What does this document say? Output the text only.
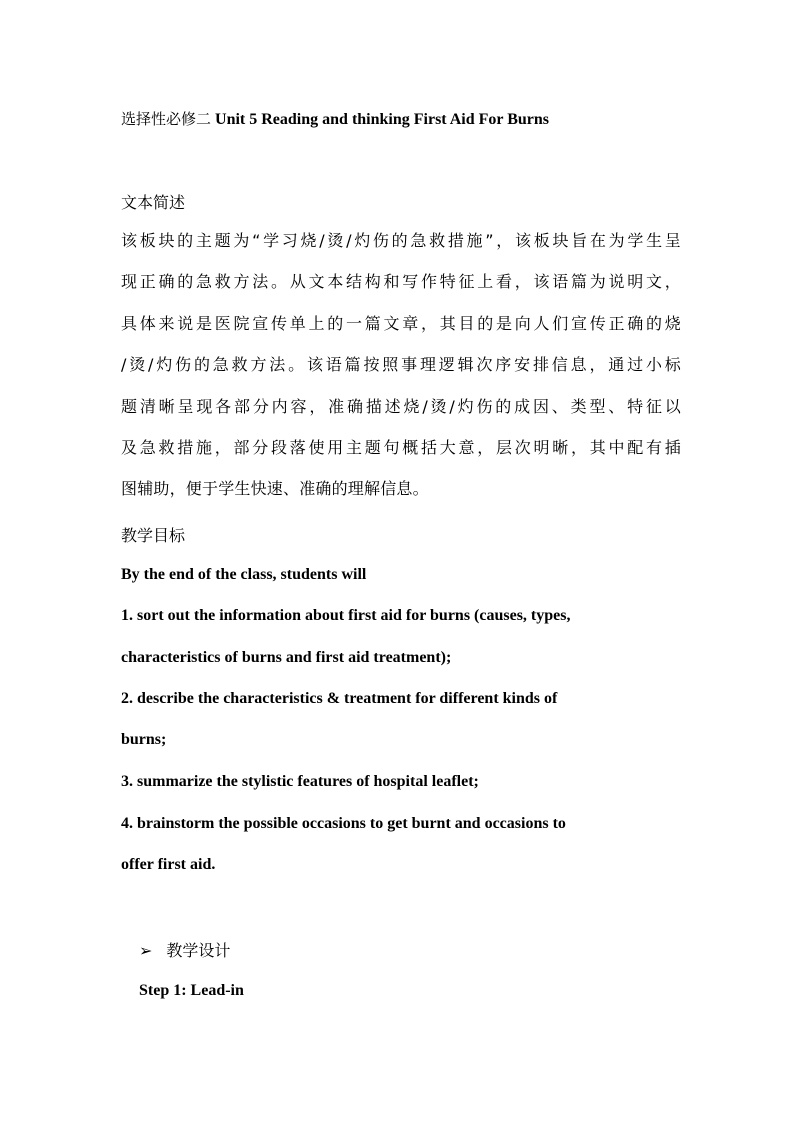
选择性必修二 Unit 5 Reading and thinking First Aid For Burns
文本简述
该板块的主题为“学习烧/烫/灼伤的急救措施”，该板块旨在为学生呈
现正确的急救方法。从文本结构和写作特征上看，该语篇为说明文，
具体来说是医院宣传单上的一篇文章，其目的是向人们宣传正确的烧
/烫/灼伤的急救方法。该语篇按照事理逻辑次序安排信息，通过小标
题清晰呈现各部分内容，准确描述烧/烫/灼伤的成因、类型、特征以
及急救措施，部分段落使用主题句概括大意，层次明晰，其中配有插
图辅助，便于学生快速、准确的理解信息。
教学目标
By the end of the class, students will
1. sort out the information about first aid for burns (causes, types,
characteristics of burns and first aid treatment);
2. describe the characteristics & treatment for different kinds of
burns;
3. summarize the stylistic features of hospital leaflet;
4. brainstorm the possible occasions to get burnt and occasions to
offer first aid.
➢ 教学设计
Step 1: Lead-in
